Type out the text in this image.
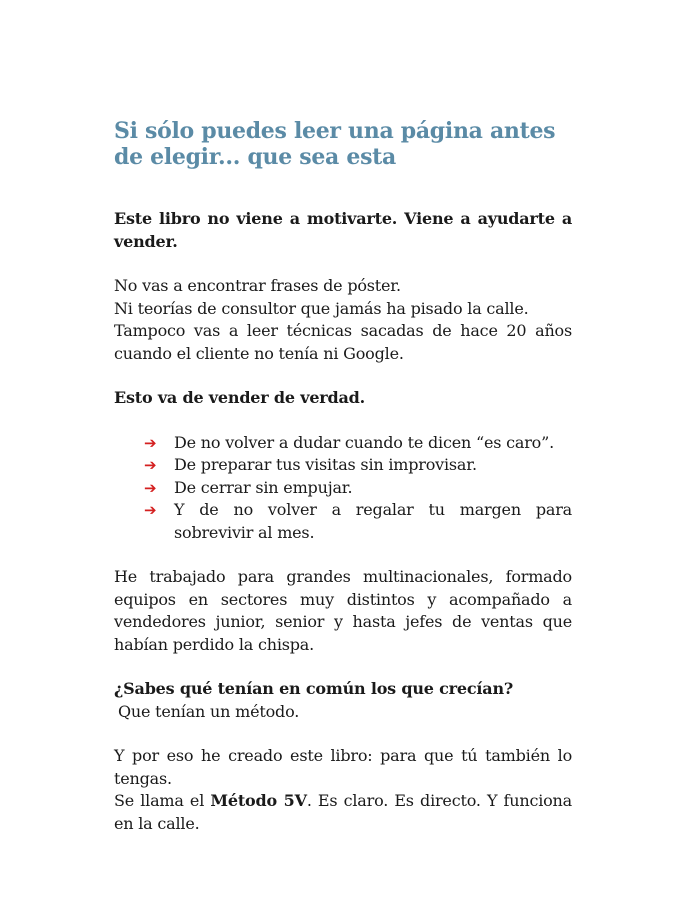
Si sólo puedes leer una página antes de elegir... que sea esta

Este libro no viene a motivarte. Viene a ayudarte a vender.

No vas a encontrar frases de póster.
Ni teorías de consultor que jamás ha pisado la calle.
Tampoco vas a leer técnicas sacadas de hace 20 años cuando el cliente no tenía ni Google.

Esto va de vender de verdad.

➔ De no volver a dudar cuando te dicen “es caro”.
➔ De preparar tus visitas sin improvisar.
➔ De cerrar sin empujar.
➔ Y de no volver a regalar tu margen para sobrevivir al mes.

He trabajado para grandes multinacionales, formado equipos en sectores muy distintos y acompañado a vendedores junior, senior y hasta jefes de ventas que habían perdido la chispa.

¿Sabes qué tenían en común los que crecían?
Que tenían un método.

Y por eso he creado este libro: para que tú también lo tengas.

Se llama el Método 5V. Es claro. Es directo. Y funciona en la calle.
